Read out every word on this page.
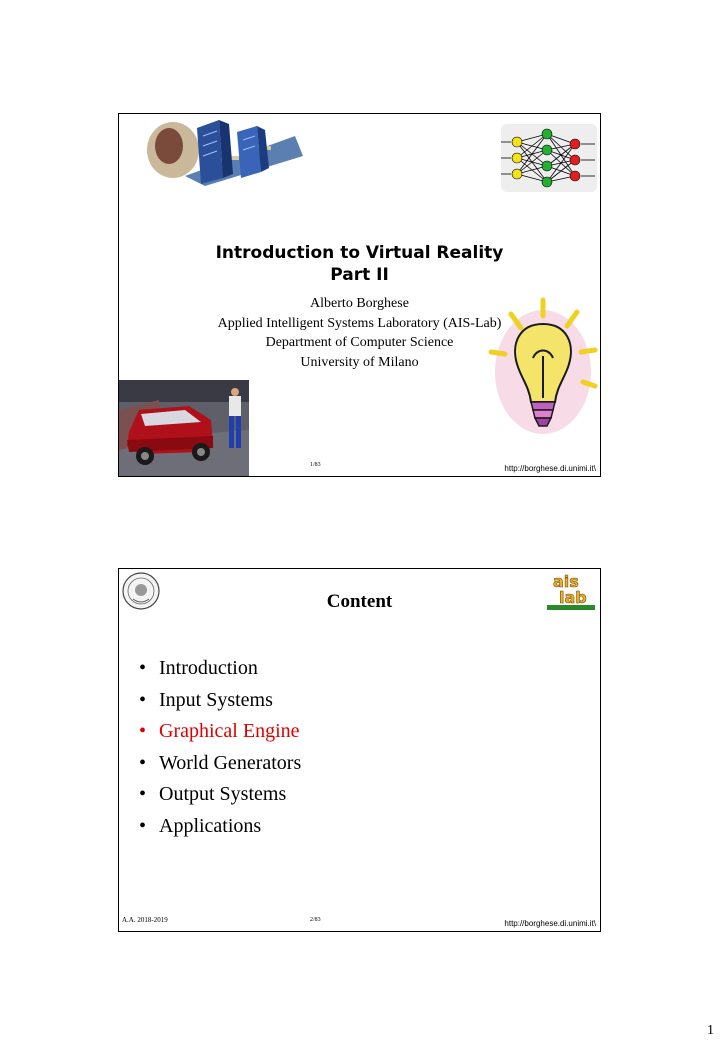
Introduction to Virtual Reality
Part II
Alberto Borghese
Applied Intelligent Systems Laboratory (AIS-Lab)
Department of Computer Science
University of Milano
1/83	http://borghese.di.unimi.it\
ais
lab
Content
• Introduction
• Input Systems
• Graphical Engine
• World Generators
• Output Systems
• Applications
A.A. 2018-2019	2/83	http://borghese.di.unimi.it\
1
